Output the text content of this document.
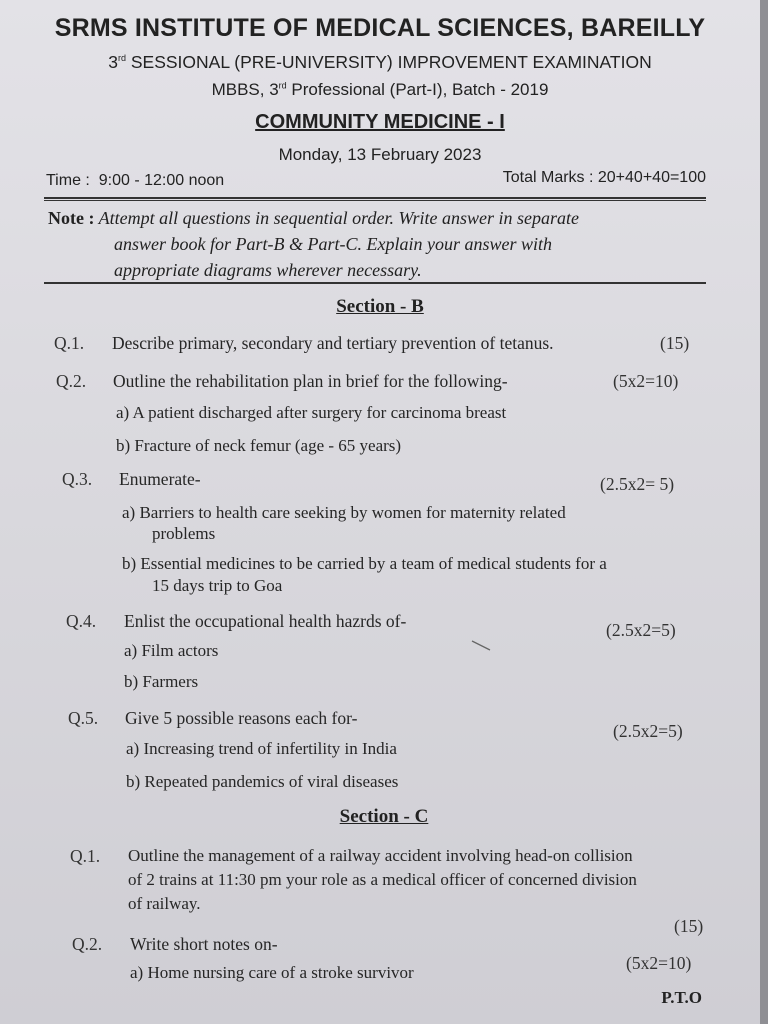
SRMS INSTITUTE OF MEDICAL SCIENCES, BAREILLY
3rd SESSIONAL (PRE-UNIVERSITY) IMPROVEMENT EXAMINATION
MBBS, 3rd Professional (Part-I), Batch - 2019
COMMUNITY MEDICINE - I
Monday, 13 February 2023
Time : 9:00 - 12:00 noon	Total Marks : 20+40+40=100
Note : Attempt all questions in sequential order. Write answer in separate
answer book for Part-B & Part-C. Explain your answer with
appropriate diagrams wherever necessary.
Section - B
Q.1. Describe primary, secondary and tertiary prevention of tetanus.	(15)
Q.2. Outline the rehabilitation plan in brief for the following-	(5x2=10)
a) A patient discharged after surgery for carcinoma breast
b) Fracture of neck femur (age - 65 years)
Q.3. Enumerate-	(2.5x2= 5)
a) Barriers to health care seeking by women for maternity related
problems
b) Essential medicines to be carried by a team of medical students for a
15 days trip to Goa
Q.4. Enlist the occupational health hazrds of-	(2.5x2=5)
a) Film actors
b) Farmers
Q.5. Give 5 possible reasons each for-
(2.5x2=5)
a) Increasing trend of infertility in India
b) Repeated pandemics of viral diseases
Section - C
Q.1. Outline the management of a railway accident involving head-on collision
of 2 trains at 11:30 pm your role as a medical officer of concerned division
of railway.
(15)
Q.2. Write short notes on-
(5x2=10)
a) Home nursing care of a stroke survivor
P.T.O
